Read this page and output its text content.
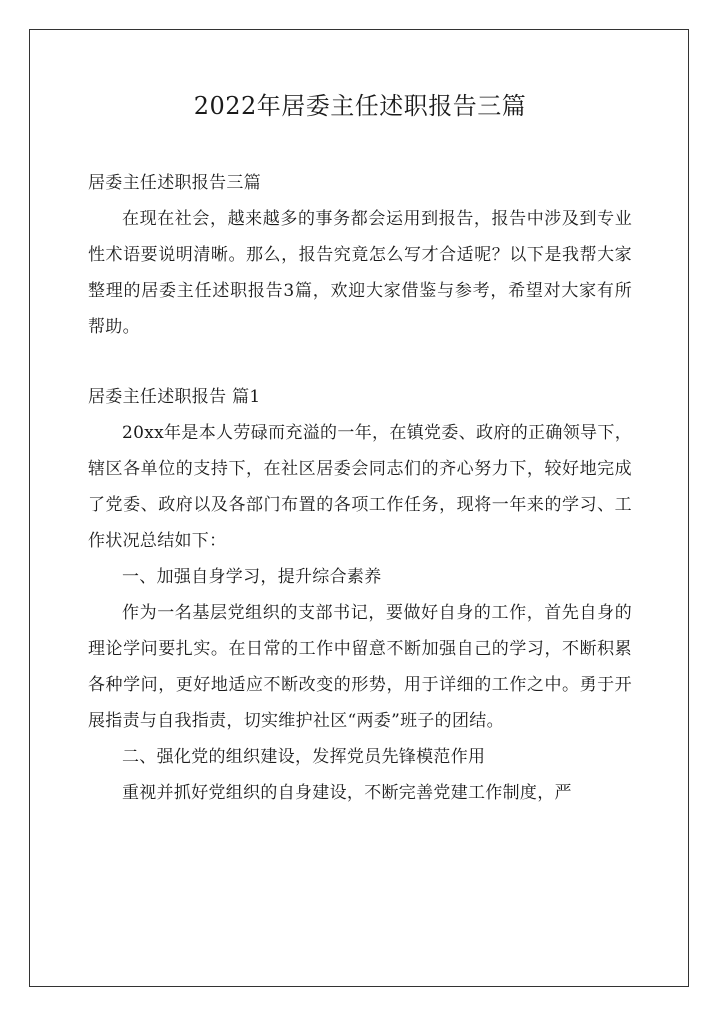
2022年居委主任述职报告三篇

居委主任述职报告三篇

在现在社会，越来越多的事务都会运用到报告，报告中涉及到专业性术语要说明清晰。那么，报告究竟怎么写才合适呢？以下是我帮大家整理的居委主任述职报告3篇，欢迎大家借鉴与参考，希望对大家有所帮助。

居委主任述职报告 篇1

20xx年是本人劳碌而充溢的一年，在镇党委、政府的正确领导下，辖区各单位的支持下，在社区居委会同志们的齐心努力下，较好地完成了党委、政府以及各部门布置的各项工作任务，现将一年来的学习、工作状况总结如下：

一、加强自身学习，提升综合素养

作为一名基层党组织的支部书记，要做好自身的工作，首先自身的理论学问要扎实。在日常的工作中留意不断加强自己的学习，不断积累各种学问，更好地适应不断改变的形势，用于详细的工作之中。勇于开展指责与自我指责，切实维护社区“两委”班子的团结。

二、强化党的组织建设，发挥党员先锋模范作用

重视并抓好党组织的自身建设，不断完善党建工作制度，严
